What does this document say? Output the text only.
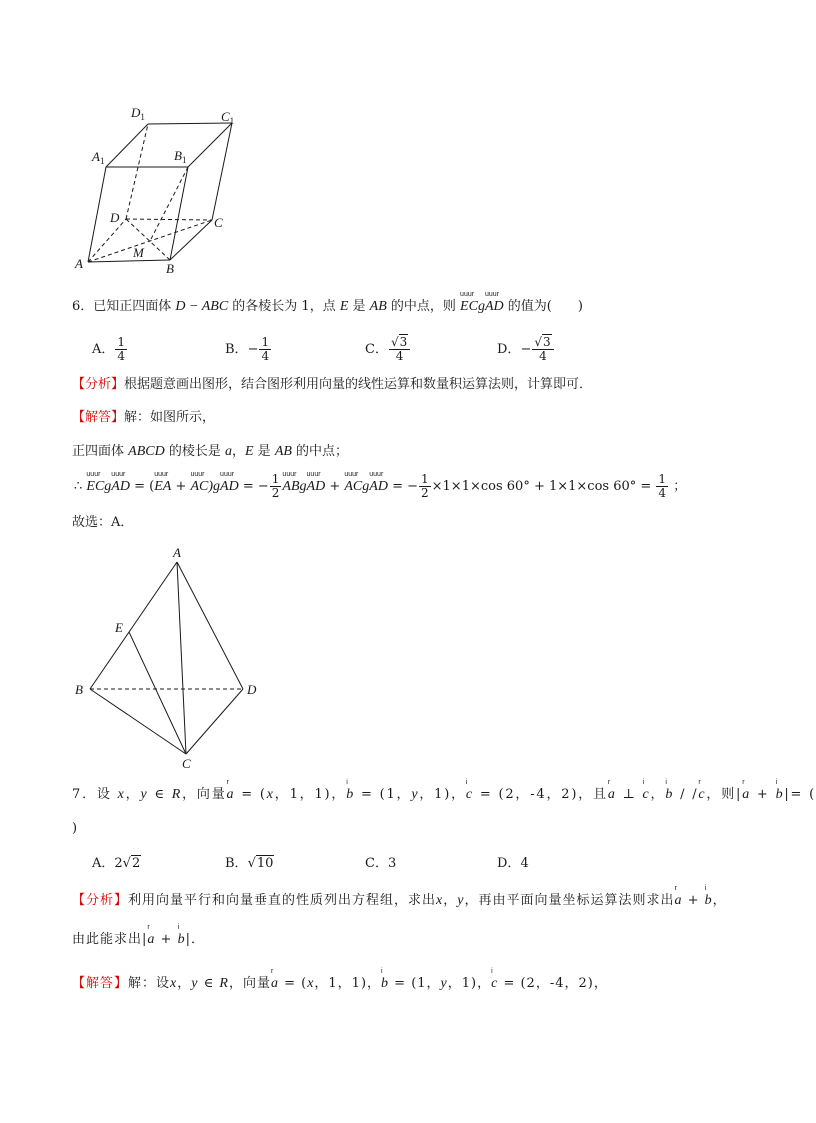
$D_1$	$C_1$
$A_1$	$B_1$
D	C
M
A	B
6．已知正四面体 D − ABC 的各棱长为 1，点 E 是 AB 的中点，则
uuur
ECg
uuur
AD 的值为(　　)
A． $\frac{1}{4}$	B．− $\frac{1}{4}$	C． $\frac{√3}{4}$	D．− $\frac{√3}{4}$
【分析】根据题意画出图形，结合图形利用向量的线性运算和数量积运算法则，计算即可．
【解答】解：如图所示，
正四面体 ABCD 的棱长是 a，E 是 AB 的中点；
∴
uuur
ECg
uuur
AD = (
uuur
EA +
uuur
AC)g
uuur
AD = − $\frac{1}{2}$ uuur
ABg
uuur
AD +
uuur
ACg
uuur
AD = − $\frac{1}{2} \times 1\times 1\times\cos$ 60° + 1×1×cos $60^\circ = \frac{1}{4}$ ；
故选：A．
A
E
B	D
C
7．设 x，y ∈ R，向量
r
a = (x，1，1)，
i
b = (1，y，1)，
i
c = (2，-4，2)，且
r
a ⊥
i
c，
i
b / /
r
c，则|
r
a +
i
b|= (
)
A．2√2	B．√10	C．3	D．4
【分析】利用向量平行和向量垂直的性质列出方程组，求出x，y，再由平面向量坐标运算法则求出
r
a +
i
b，
由此能求出|
r
a +
i
b|．
【解答】解：设x，y ∈ R，向量
r
a = (x，1，1)，
i
b = (1，y，1)，
i
c = (2，-4，2)，
